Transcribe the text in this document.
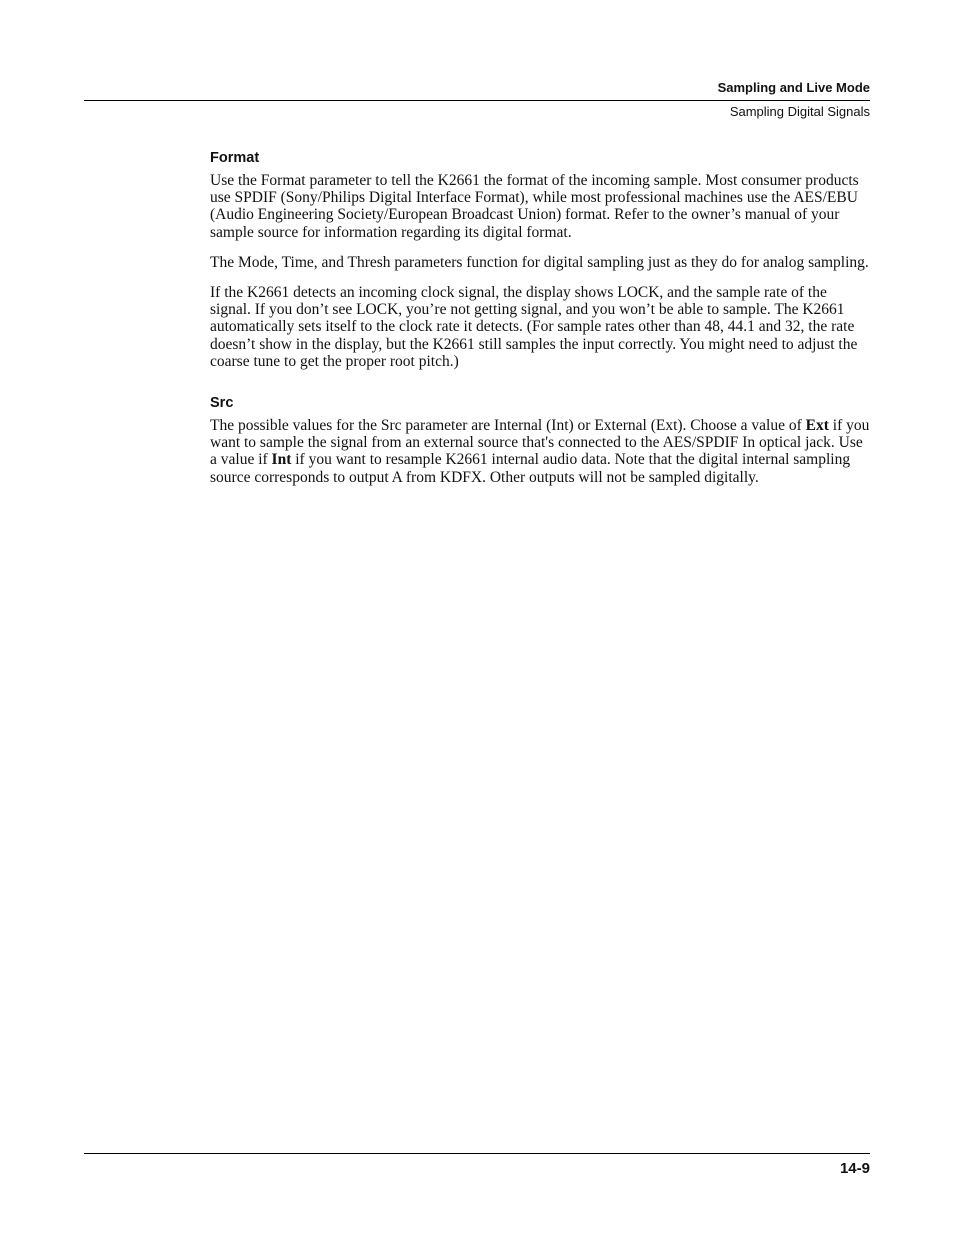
Sampling and Live Mode
Sampling Digital Signals
Format

Use the Format parameter to tell the K2661 the format of the incoming sample. Most consumer products use SPDIF (Sony/Philips Digital Interface Format), while most professional machines use the AES/EBU (Audio Engineering Society/European Broadcast Union) format. Refer to the owner’s manual of your sample source for information regarding its digital format.

The Mode, Time, and Thresh parameters function for digital sampling just as they do for analog sampling.

If the K2661 detects an incoming clock signal, the display shows LOCK, and the sample rate of the signal. If you don’t see LOCK, you’re not getting signal, and you won’t be able to sample. The K2661 automatically sets itself to the clock rate it detects. (For sample rates other than 48, 44.1 and 32, the rate doesn’t show in the display, but the K2661 still samples the input correctly. You might need to adjust the coarse tune to get the proper root pitch.)

Src

The possible values for the Src parameter are Internal (Int) or External (Ext). Choose a value of Ext if you want to sample the signal from an external source that's connected to the AES/SPDIF In optical jack. Use a value if Int if you want to resample K2661 internal audio data. Note that the digital internal sampling source corresponds to output A from KDFX. Other outputs will not be sampled digitally.

14-9
